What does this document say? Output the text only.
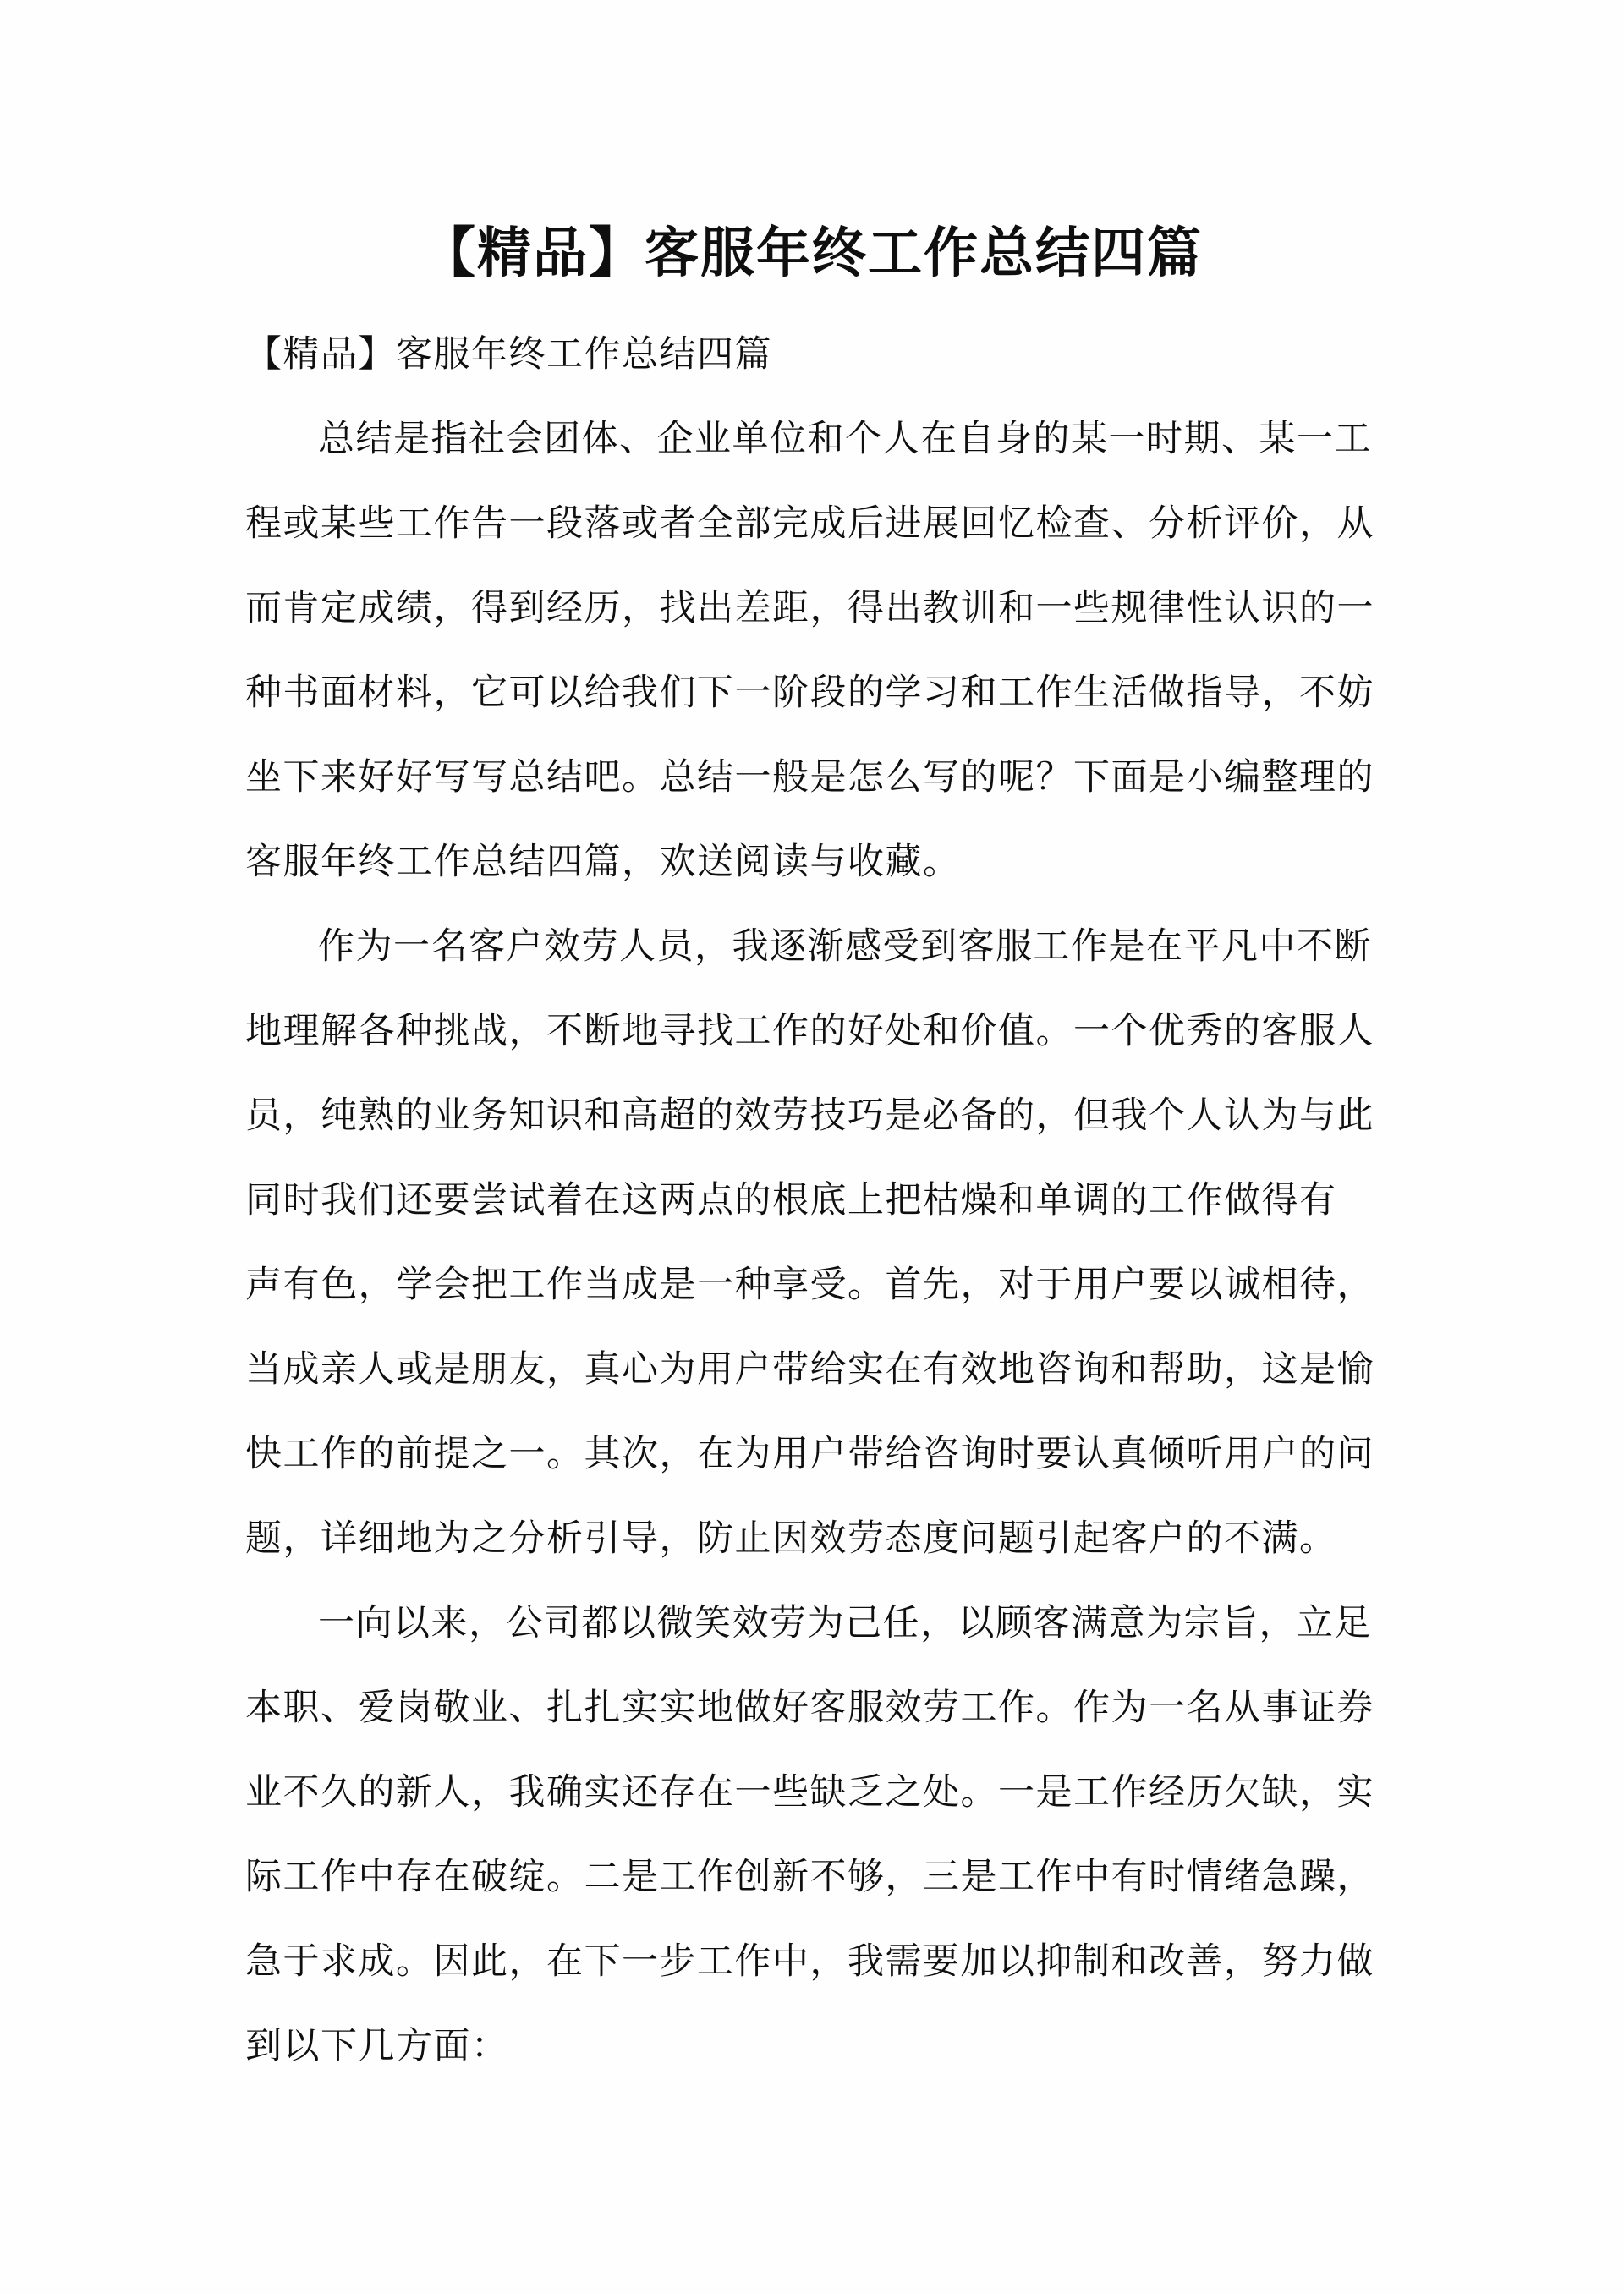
【精品】客服年终工作总结四篇
【精品】客服年终工作总结四篇
总结是指社会团体、企业单位和个人在自身的某一时期、某一工
程或某些工作告一段落或者全部完成后进展回忆检查、分析评价，从
而肯定成绩，得到经历，找出差距，得出教训和一些规律性认识的一
种书面材料，它可以给我们下一阶段的学习和工作生活做指导，不妨
坐下来好好写写总结吧。总结一般是怎么写的呢？下面是小编整理的
客服年终工作总结四篇，欢送阅读与收藏。
作为一名客户效劳人员，我逐渐感受到客服工作是在平凡中不断
地理解各种挑战，不断地寻找工作的好处和价值。一个优秀的客服人
员，纯熟的业务知识和高超的效劳技巧是必备的，但我个人认为与此
同时我们还要尝试着在这两点的根底上把枯燥和单调的工作做得有
声有色，学会把工作当成是一种享受。首先，对于用户要以诚相待，
当成亲人或是朋友，真心为用户带给实在有效地咨询和帮助，这是愉
快工作的前提之一。其次，在为用户带给咨询时要认真倾听用户的问
题，详细地为之分析引导，防止因效劳态度问题引起客户的不满。
一向以来，公司都以微笑效劳为己任，以顾客满意为宗旨，立足
本职、爱岗敬业、扎扎实实地做好客服效劳工作。作为一名从事证券
业不久的新人，我确实还存在一些缺乏之处。一是工作经历欠缺，实
际工作中存在破绽。二是工作创新不够，三是工作中有时情绪急躁，
急于求成。因此，在下一步工作中，我需要加以抑制和改善，努力做
到以下几方面：
